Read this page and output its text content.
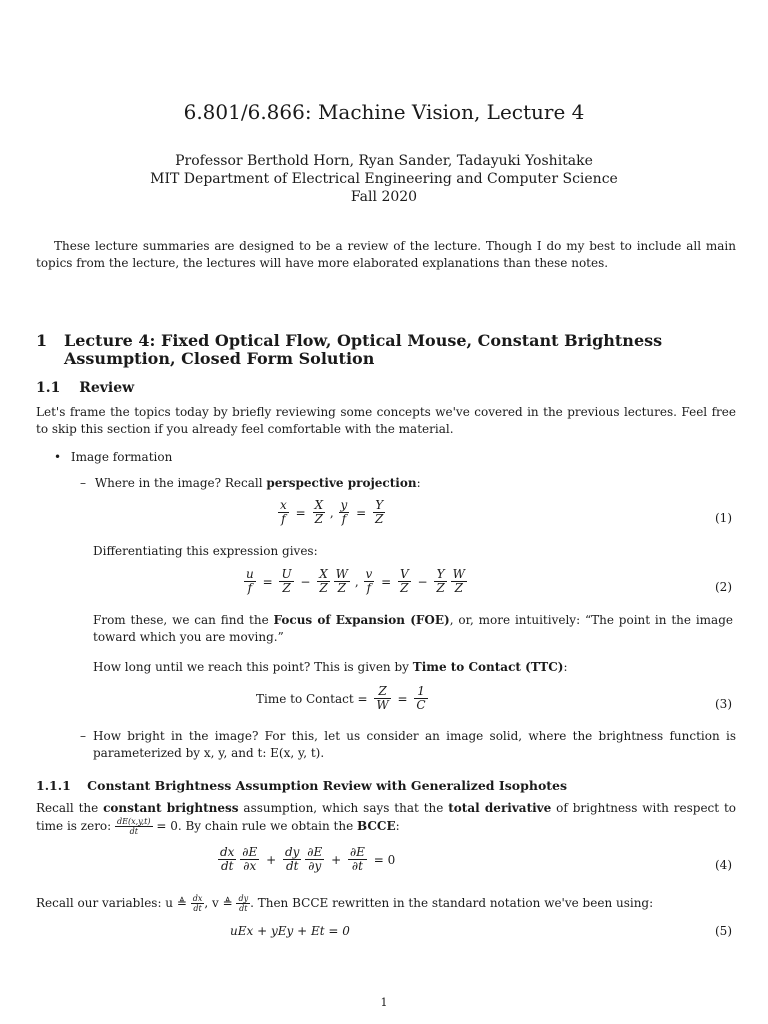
6.801/6.866: Machine Vision, Lecture 4
Professor Berthold Horn, Ryan Sander, Tadayuki Yoshitake
MIT Department of Electrical Engineering and Computer Science
Fall 2020
These lecture summaries are designed to be a review of the lecture. Though I do my best to include all main topics from the lecture, the lectures will have more elaborated explanations than these notes.
1	Lecture 4: Fixed Optical Flow, Optical Mouse, Constant Brightness Assumption, Closed Form Solution
1.1 Review
Let's frame the topics today by briefly reviewing some concepts we've covered in the previous lectures. Feel free to skip this section if you already feel comfortable with the material.
• Image formation
– Where in the image? Recall perspective projection:
$\frac{x}{f} = \frac{X}{Z}$ , $\frac{y}{f} = \frac{Y}{Z}$	(1)
Differentiating this expression gives:
$\frac{u}{f} = \frac{U}{Z} - \frac{X}{Z}$
$\frac{W}{Z}$ , $\frac{v}{f} = \frac{V}{Z} - \frac{Y}{Z}$
$\frac{W}{Z}$	(2)
From these, we can find the Focus of Expansion (FOE), or, more intuitively: “The point in the image toward which you are moving.”
How long until we reach this point? This is given by Time to Contact (TTC):
Time to Contact = $\frac{Z}{W} = \frac{1}{C}$	(3)
– How bright in the image? For this, let us consider an image solid, where the brightness function is parameterized by x, y, and t: E(x, y, t).
1.1.1 Constant Brightness Assumption Review with Generalized Isophotes
Recall the constant brightness assumption, which says that the total derivative of brightness with respect to time is zero: $\frac{dE(x,y,t)}{dt} = 0$. By chain rule we obtain the BCCE:
$\frac{dx}{dt}$
$\frac{\partial E}{\partial x} + \frac{dy}{dt}$
$\frac{\partial E}{\partial y} + \frac{\partial E}{\partial t} = 0$	(4)
Recall our variables: u ≜ $\frac{dx}{dt}$ , v ≜ $\frac{dy}{dt}$ . Then BCCE rewritten in the standard notation we've been using:
uEx + yEy + Et = 0	(5)
1
